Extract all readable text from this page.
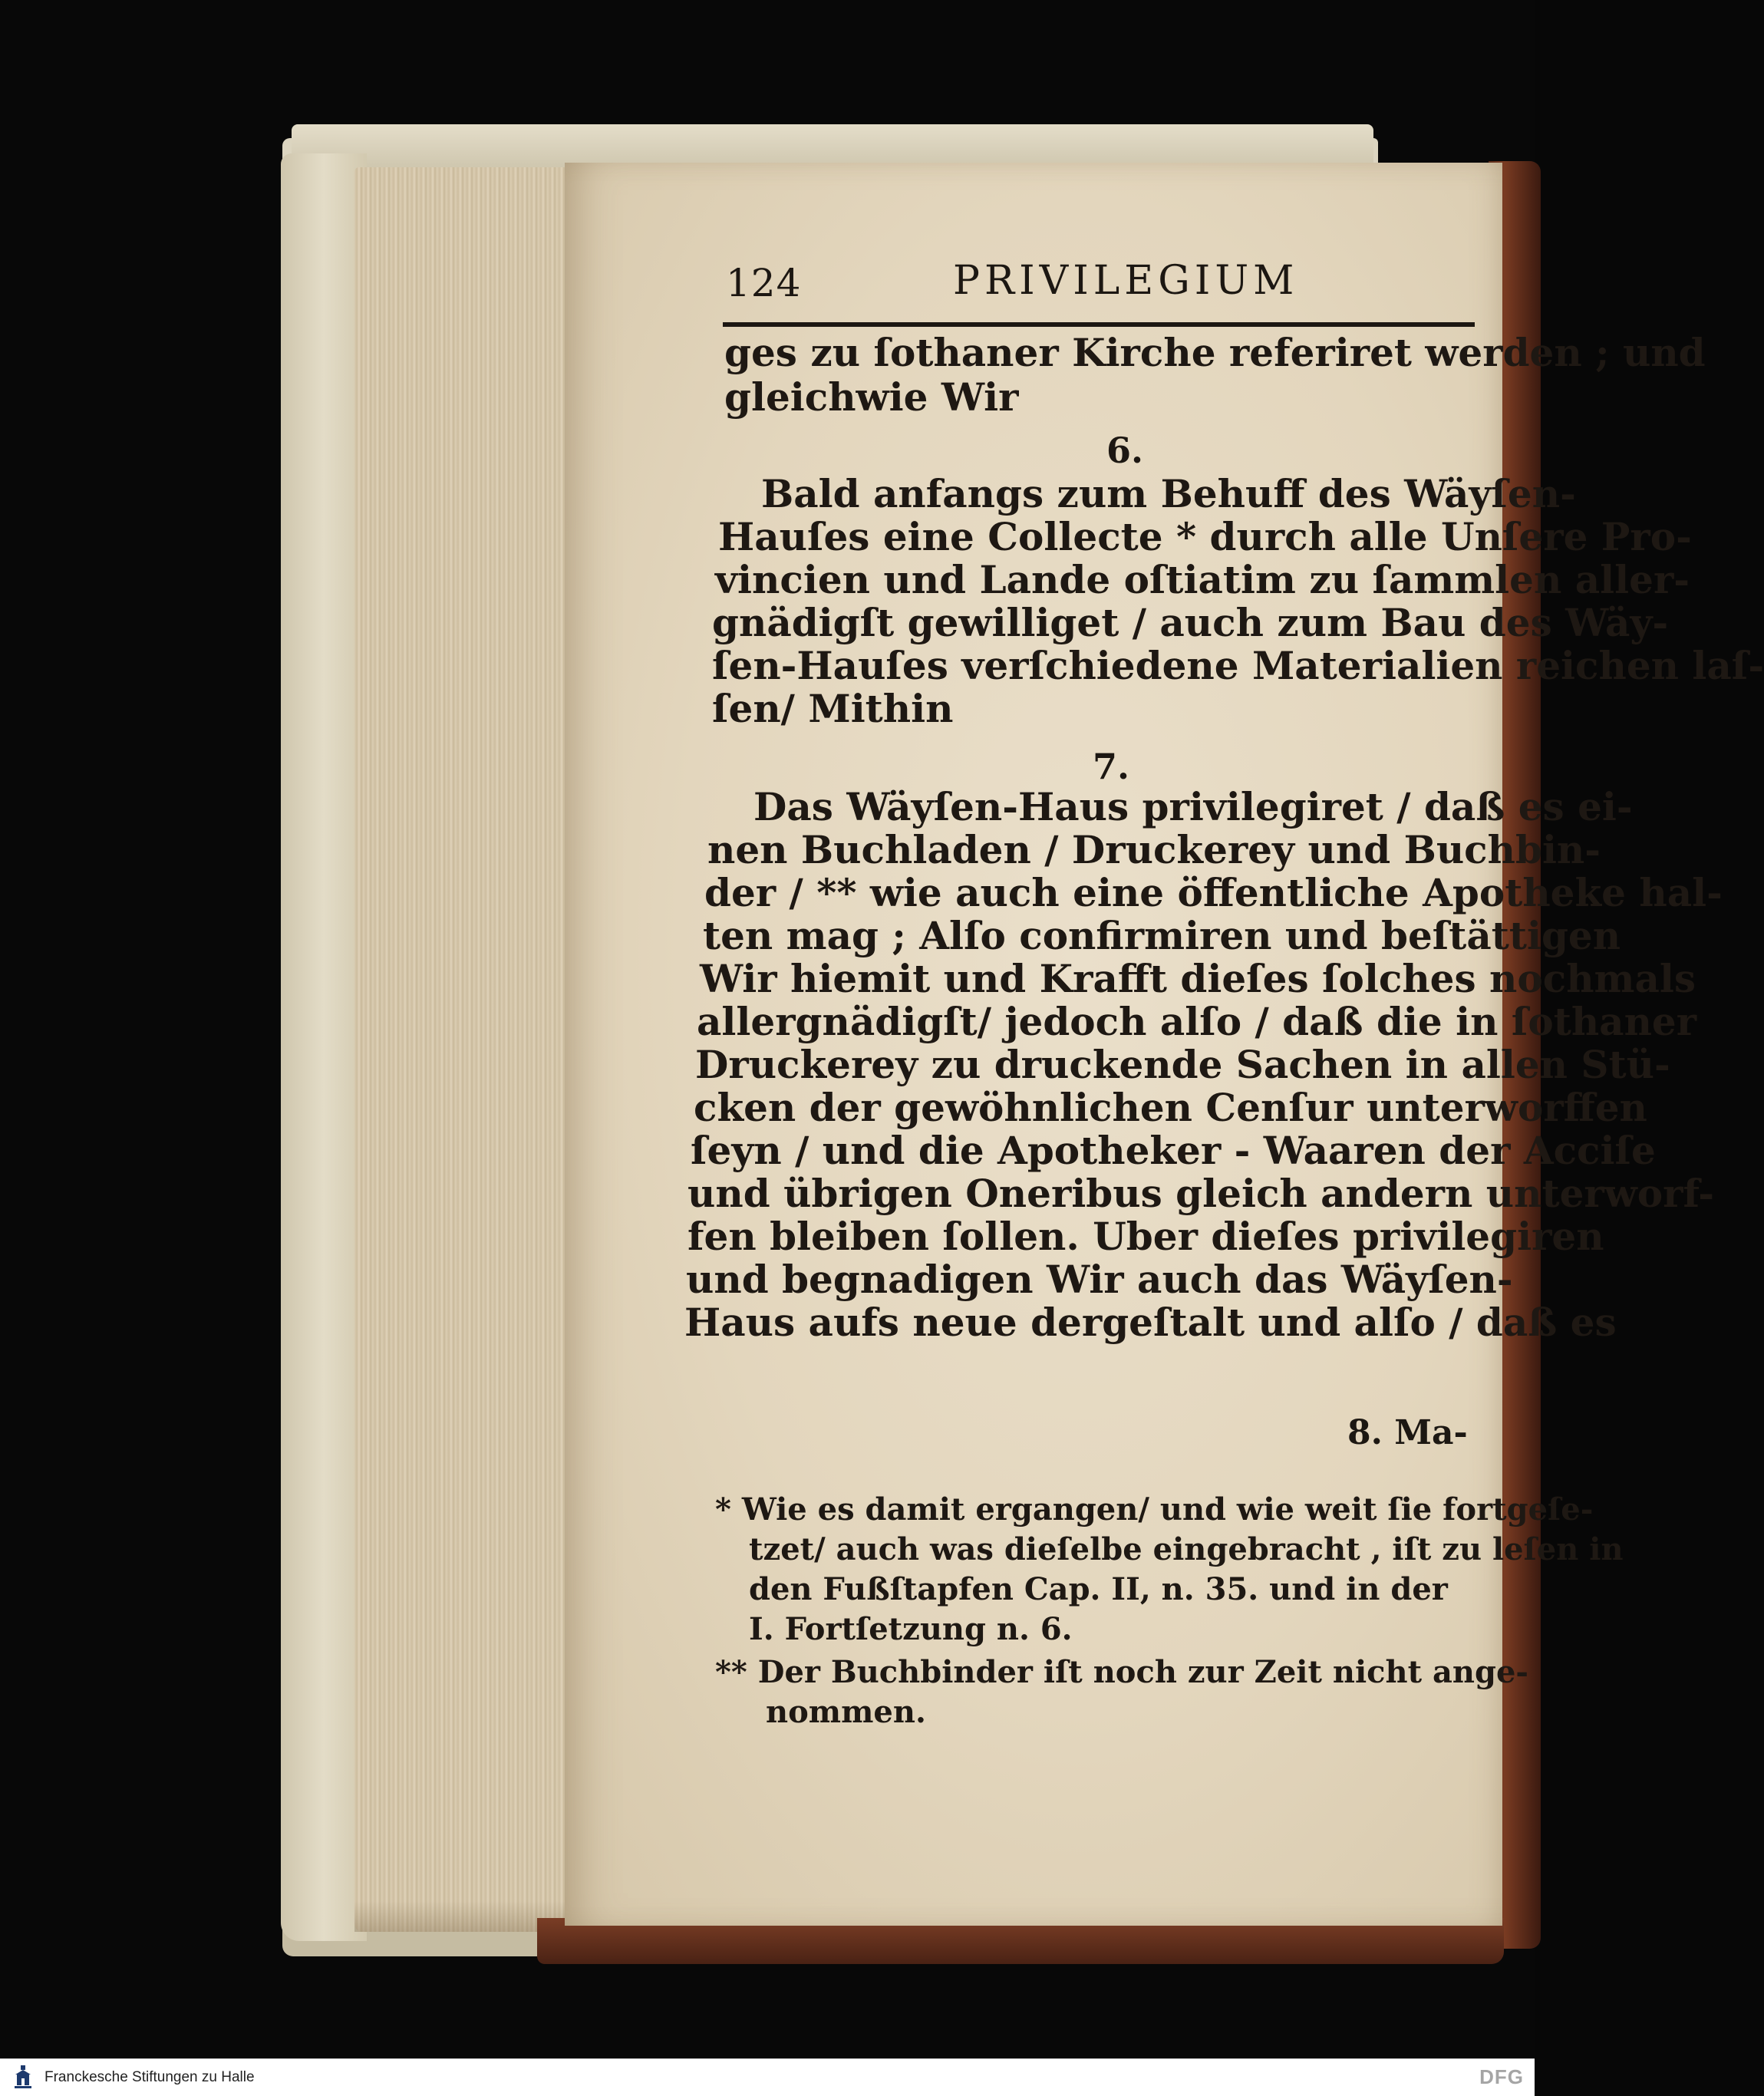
124	PRIVILEGIUM

ges zu ſothaner Kirche referiret werden ; und

gleichwie Wir

6.

Bald anfangs zum Behuff des Wäyſen-

Hauſes eine Collecte * durch alle Unſere Pro-

vincien und Lande oſtiatim zu ſammlen aller-

gnädigſt gewilliget / auch zum Bau des Wäy-

ſen-Hauſes verſchiedene Materialien reichen laſ-

ſen/ Mithin

7.

Das Wäyſen-Haus privilegiret / daß es ei-

nen Buchladen / Druckerey und Buchbin-

der / ** wie auch eine öffentliche Apotheke hal-

ten mag ; Alſo confirmiren und beſtättigen

Wir hiemit und Krafft dieſes ſolches nochmals

allergnädigſt/ jedoch alſo / daß die in ſothaner

Druckerey zu druckende Sachen in allen Stü-

cken der gewöhnlichen Cenſur unterworffen

ſeyn / und die Apotheker - Waaren der Acciſe

und übrigen Oneribus gleich andern unterworf-

fen bleiben ſollen. Uber dieſes privilegiren

und begnadigen Wir auch das Wäyſen-

Haus aufs neue dergeſtalt und alſo / daß es

8. Ma-

* Wie es damit ergangen/ und wie weit ſie fortgeſe-

tzet/ auch was dieſelbe eingebracht , iſt zu leſen in

den Fußſtapfen Cap. II, n. 35. und in der

I. Fortſetzung n. 6.

** Der Buchbinder iſt noch zur Zeit nicht ange-

nommen.

Franckesche Stiftungen zu Halle	DFG
